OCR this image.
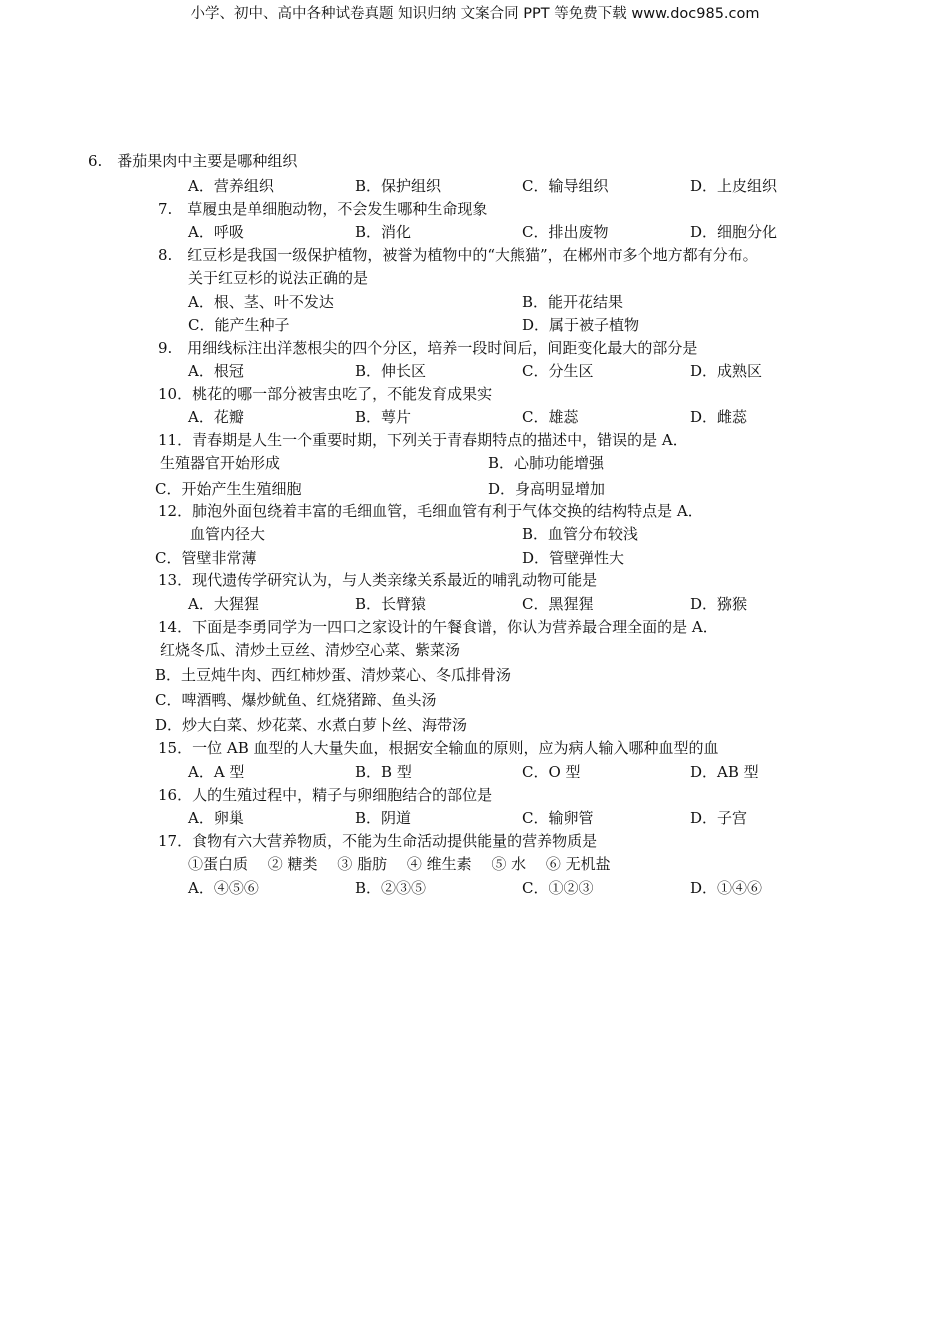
小学、初中、高中各种试卷真题 知识归纳 文案合同 PPT 等免费下载 www.doc985.com
6.　番茄果肉中主要是哪种组织
A．营养组织	B．保护组织	C．输导组织	D．上皮组织
7.　草履虫是单细胞动物，不会发生哪种生命现象
A．呼吸	B．消化	C．排出废物	D．细胞分化
8.　红豆杉是我国一级保护植物，被誉为植物中的“大熊猫”，在郴州市多个地方都有分布。
关于红豆杉的说法正确的是
A．根、茎、叶不发达	B．能开花结果
C．能产生种子	D．属于被子植物
9.　用细线标注出洋葱根尖的四个分区，培养一段时间后，间距变化最大的部分是
A．根冠	B．伸长区	C．分生区	D．成熟区
10．桃花的哪一部分被害虫吃了，不能发育成果实
A．花瓣	B．萼片	C．雄蕊	D．雌蕊
11．青春期是人生一个重要时期，下列关于青春期特点的描述中，错误的是 A．
生殖器官开始形成	B．心肺功能增强
C．开始产生生殖细胞	D．身高明显增加
12．肺泡外面包绕着丰富的毛细血管，毛细血管有利于气体交换的结构特点是 A．
血管内径大	B．血管分布较浅
C．管壁非常薄	D．管壁弹性大
13．现代遗传学研究认为，与人类亲缘关系最近的哺乳动物可能是
A．大猩猩	B．长臂猿	C．黑猩猩	D．猕猴
14．下面是李勇同学为一四口之家设计的午餐食谱，你认为营养最合理全面的是 A．
红烧冬瓜、清炒土豆丝、清炒空心菜、紫菜汤
B．土豆炖牛肉、西红柿炒蛋、清炒菜心、冬瓜排骨汤
C．啤酒鸭、爆炒鱿鱼、红烧猪蹄、鱼头汤
D．炒大白菜、炒花菜、水煮白萝卜丝、海带汤
15．一位 AB 血型的人大量失血，根据安全输血的原则，应为病人输入哪种血型的血
A．A 型	B．B 型	C．O 型	D．AB 型
16．人的生殖过程中，精子与卵细胞结合的部位是
A．卵巢	B．阴道	C．输卵管	D．子宫
17．食物有六大营养物质，不能为生命活动提供能量的营养物质是
①蛋白质　 ② 糖类　 ③ 脂肪　 ④ 维生素　 ⑤ 水　 ⑥ 无机盐
A．④⑤⑥	B．②③⑤	C．①②③	D．①④⑥
